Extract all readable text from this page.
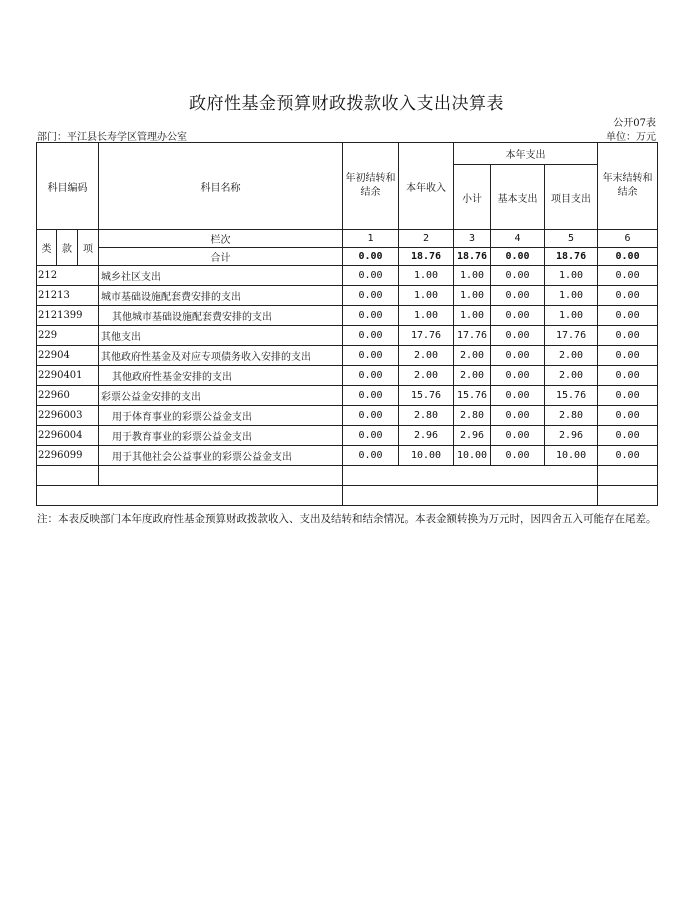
政府性基金预算财政拨款收入支出决算表
公开07表
部门：平江县长寿学区管理办公室	单位：万元
科目编码			科目名称	年初结转和结余	本年收入	本年支出			年末结转和结余
						小计	基本支出	项目支出	

类	款	项	栏次	1	2	3	4	5	6
			合计	0.00	18.76	18.76	0.00	18.76	0.00
212			城乡社区支出	0.00	1.00	1.00	0.00	1.00	0.00
21213			城市基础设施配套费安排的支出	0.00	1.00	1.00	0.00	1.00	0.00
2121399			其他城市基础设施配套费安排的支出	0.00	1.00	1.00	0.00	1.00	0.00
229			其他支出	0.00	17.76	17.76	0.00	17.76	0.00
22904			其他政府性基金及对应专项债务收入安排的支出	0.00	2.00	2.00	0.00	2.00	0.00
2290401			其他政府性基金安排的支出	0.00	2.00	2.00	0.00	2.00	0.00
22960			彩票公益金安排的支出	0.00	15.76	15.76	0.00	15.76	0.00
2296003			用于体育事业的彩票公益金支出	0.00	2.80	2.80	0.00	2.80	0.00
2296004			用于教育事业的彩票公益金支出	0.00	2.96	2.96	0.00	2.96	0.00
2296099			用于其他社会公益事业的彩票公益金支出	0.00	10.00	10.00	0.00	10.00	0.00

注：本表反映部门本年度政府性基金预算财政拨款收入、支出及结转和结余情况。本表金额转换为万元时，因四舍五入可能存在尾差。
